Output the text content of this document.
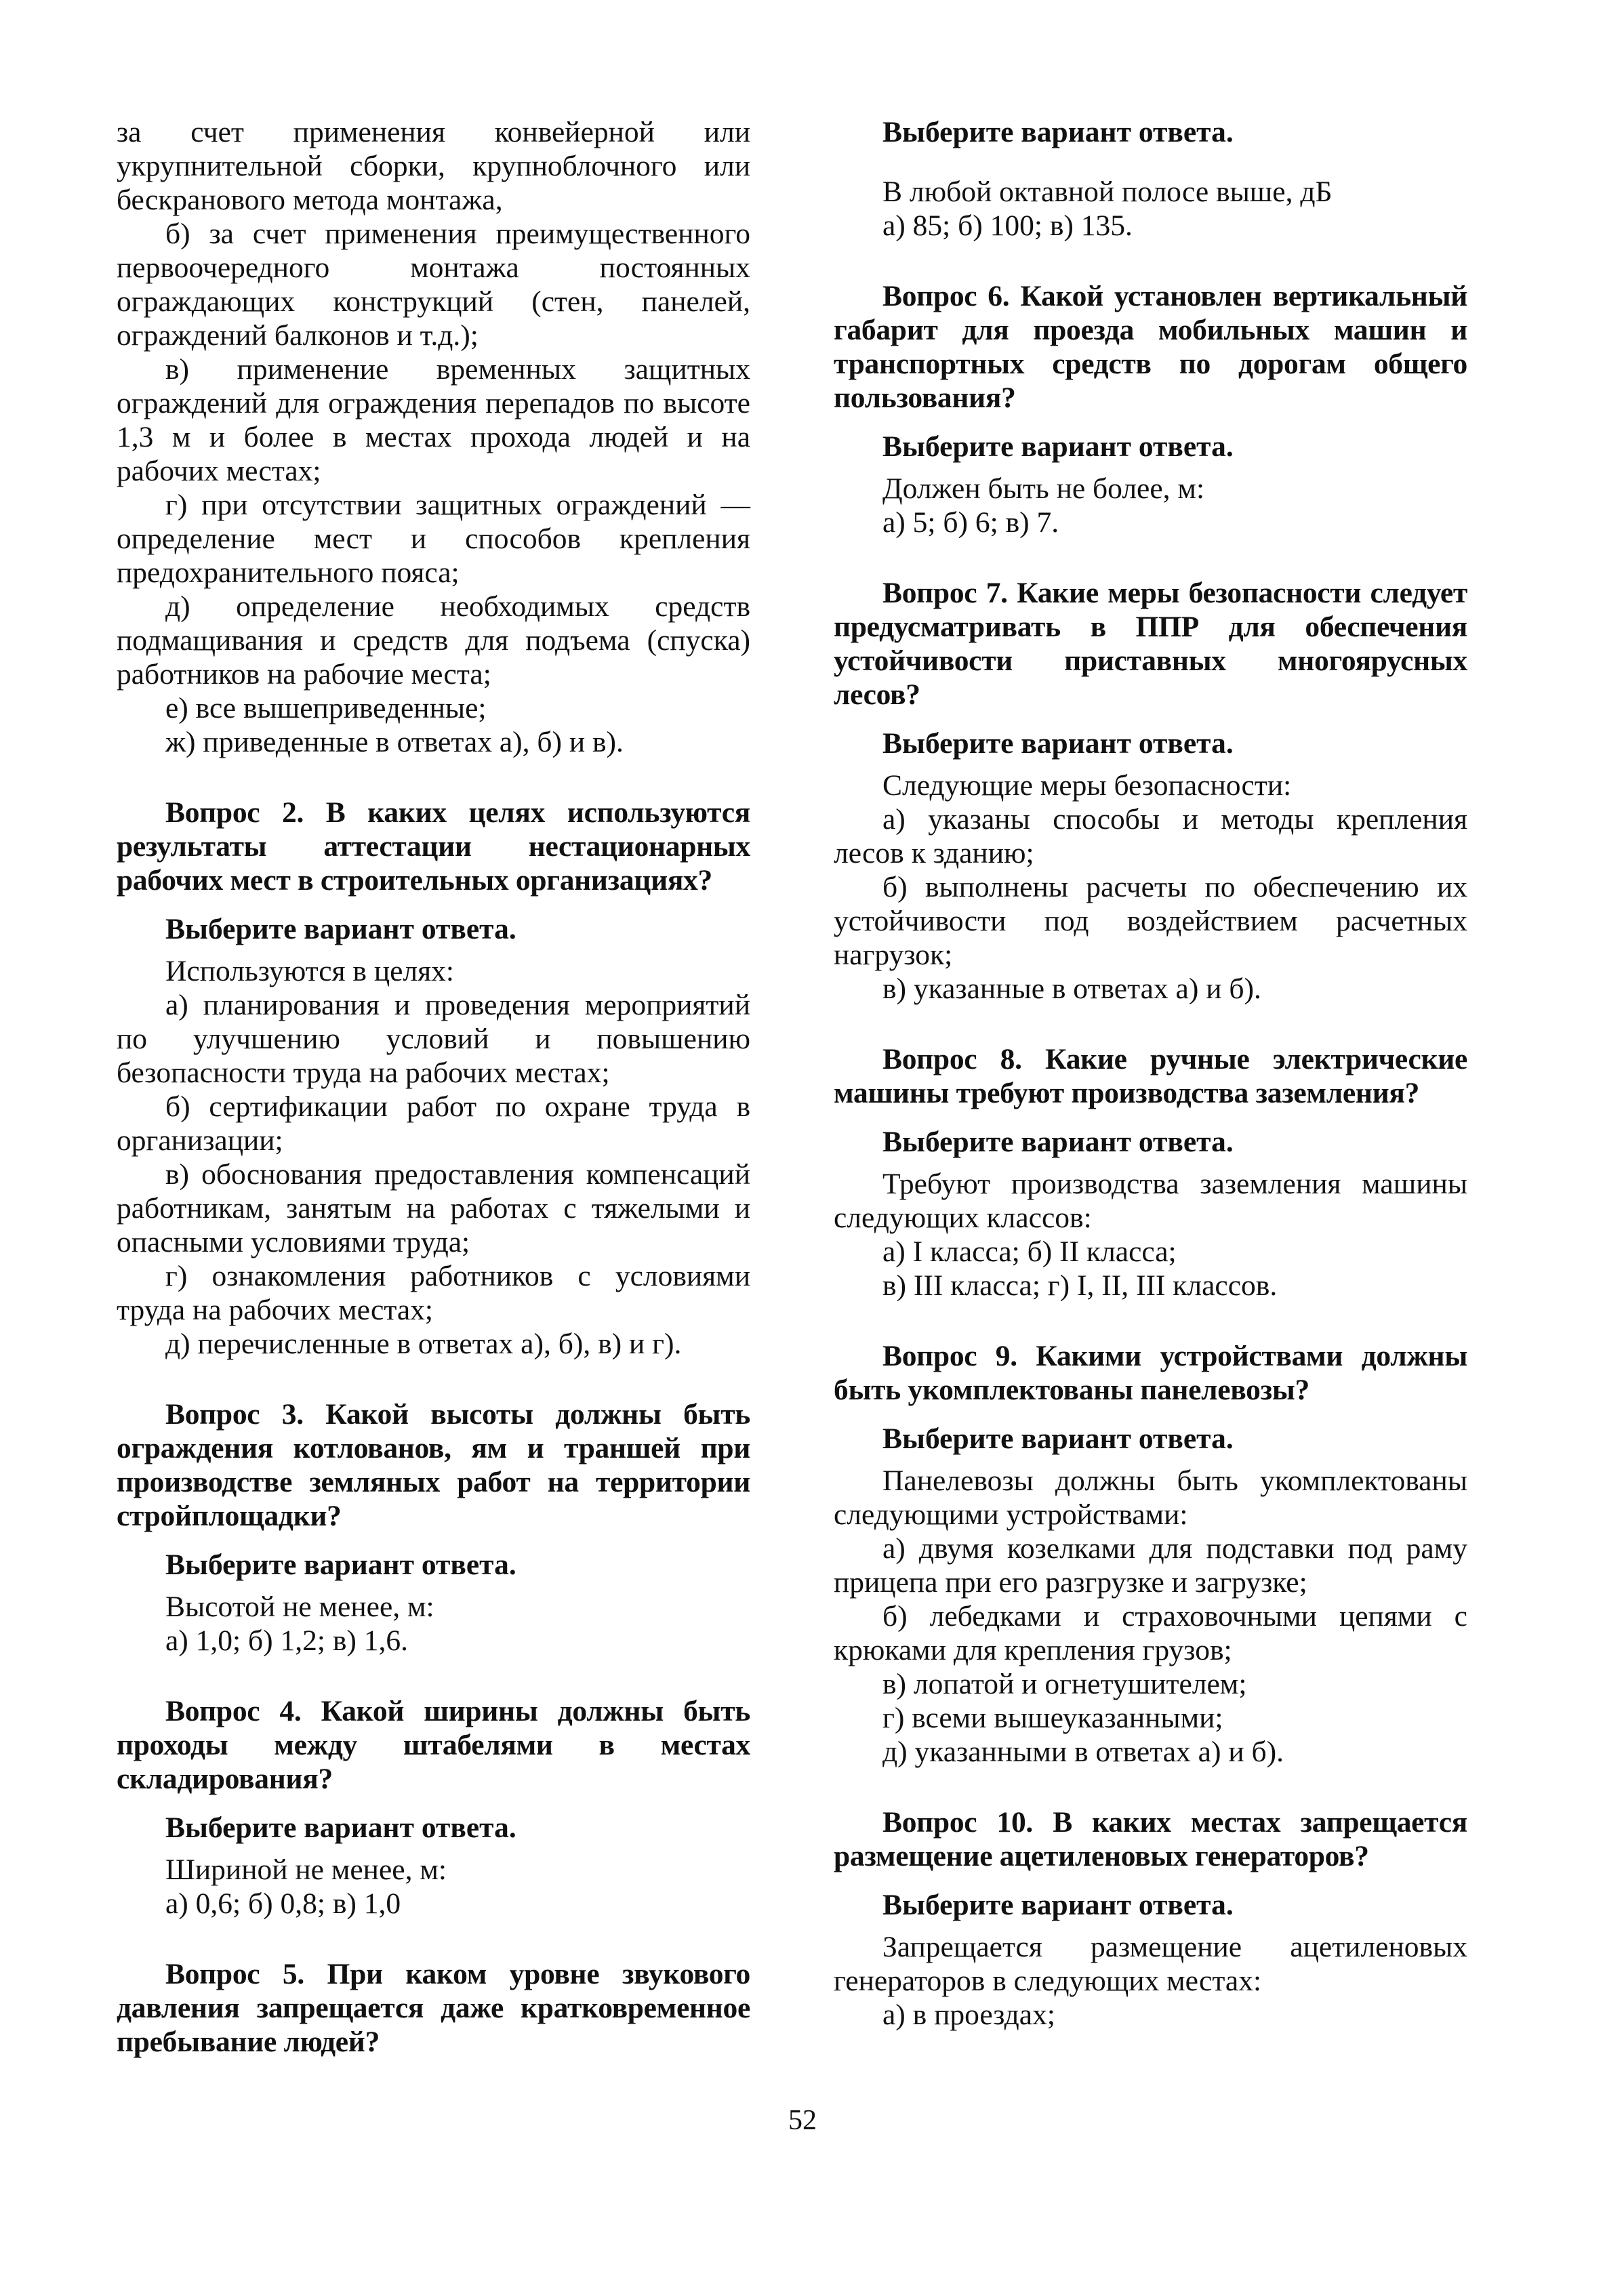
за счет применения конвейерной или укрупнительной сборки, крупноблочного или бескранового метода монтажа,

б) за счет применения преимущественного первоочередного монтажа постоянных ограждающих конструкций (стен, панелей, ограждений балконов и т.д.);

в) применение временных защитных ограждений для ограждения перепадов по высоте 1,3 м и более в местах прохода людей и на рабочих местах;

г) при отсутствии защитных ограждений — определение мест и способов крепления предохранительного пояса;

д) определение необходимых средств подмащивания и средств для подъема (спуска) работников на рабочие места;

е) все вышеприведенные;

ж) приведенные в ответах а), б) и в).

Вопрос 2. В каких целях используются результаты аттестации нестационарных рабочих мест в строительных организациях?

Выберите вариант ответа.

Используются в целях:

а) планирования и проведения мероприятий по улучшению условий и повышению безопасности труда на рабочих местах;

б) сертификации работ по охране труда в организации;

в) обоснования предоставления компенсаций работникам, занятым на работах с тяжелыми и опасными условиями труда;

г) ознакомления работников с условиями труда на рабочих местах;

д) перечисленные в ответах а), б), в) и г).

Вопрос 3. Какой высоты должны быть ограждения котлованов, ям и траншей при производстве земляных работ на территории стройплощадки?

Выберите вариант ответа.

Высотой не менее, м:

а) 1,0; б) 1,2; в) 1,6.

Вопрос 4. Какой ширины должны быть проходы между штабелями в местах складирования?

Выберите вариант ответа.

Шириной не менее, м:

а) 0,6; б) 0,8; в) 1,0

Вопрос 5. При каком уровне звукового давления запрещается даже кратковременное пребывание людей?

Выберите вариант ответа.

В любой октавной полосе выше, дБ

а) 85; б) 100; в) 135.

Вопрос 6. Какой установлен вертикальный габарит для проезда мобильных машин и транспортных средств по дорогам общего пользования?

Выберите вариант ответа.

Должен быть не более, м:

а) 5; б) 6; в) 7.

Вопрос 7. Какие меры безопасности следует предусматривать в ППР для обеспечения устойчивости приставных многоярусных лесов?

Выберите вариант ответа.

Следующие меры безопасности:

а) указаны способы и методы крепления лесов к зданию;

б) выполнены расчеты по обеспечению их устойчивости под воздействием расчетных нагрузок;

в) указанные в ответах а) и б).

Вопрос 8. Какие ручные электрические машины требуют производства заземления?

Выберите вариант ответа.

Требуют производства заземления машины следующих классов:

а) I класса; б) II класса;

в) III класса; г) I, II, III классов.

Вопрос 9. Какими устройствами должны быть укомплектованы панелевозы?

Выберите вариант ответа.

Панелевозы должны быть укомплектованы следующими устройствами:

а) двумя козелками для подставки под раму прицепа при его разгрузке и загрузке;

б) лебедками и страховочными цепями с крюками для крепления грузов;

в) лопатой и огнетушителем;

г) всеми вышеуказанными;

д) указанными в ответах а) и б).

Вопрос 10. В каких местах запрещается размещение ацетиленовых генераторов?

Выберите вариант ответа.

Запрещается размещение ацетиленовых генераторов в следующих местах:

а) в проездах;

52
